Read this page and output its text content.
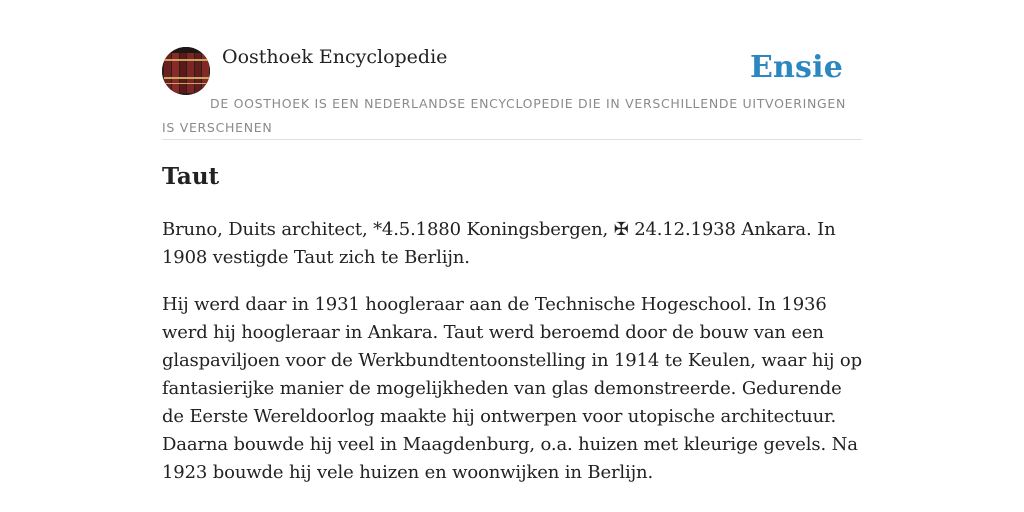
Oosthoek Encyclopedie	Ensie
DE OOSTHOEK IS EEN NEDERLANDSE ENCYCLOPEDIE DIE IN VERSCHILLENDE UITVOERINGEN IS VERSCHENEN
Taut

Bruno, Duits architect, *4.5.1880 Koningsbergen, ✠ 24.12.1938 Ankara. In 1908 vestigde Taut zich te Berlijn.

Hij werd daar in 1931 hoogleraar aan de Technische Hogeschool. In 1936 werd hij hoogleraar in Ankara. Taut werd beroemd door de bouw van een glaspaviljoen voor de Werkbundtentoonstelling in 1914 te Keulen, waar hij op fantasierijke manier de mogelijkheden van glas demonstreerde. Gedurende de Eerste Wereldoorlog maakte hij ontwerpen voor utopische architectuur. Daarna bouwde hij veel in Maagdenburg, o.a. huizen met kleurige gevels. Na 1923 bouwde hij vele huizen en woonwijken in Berlijn.
